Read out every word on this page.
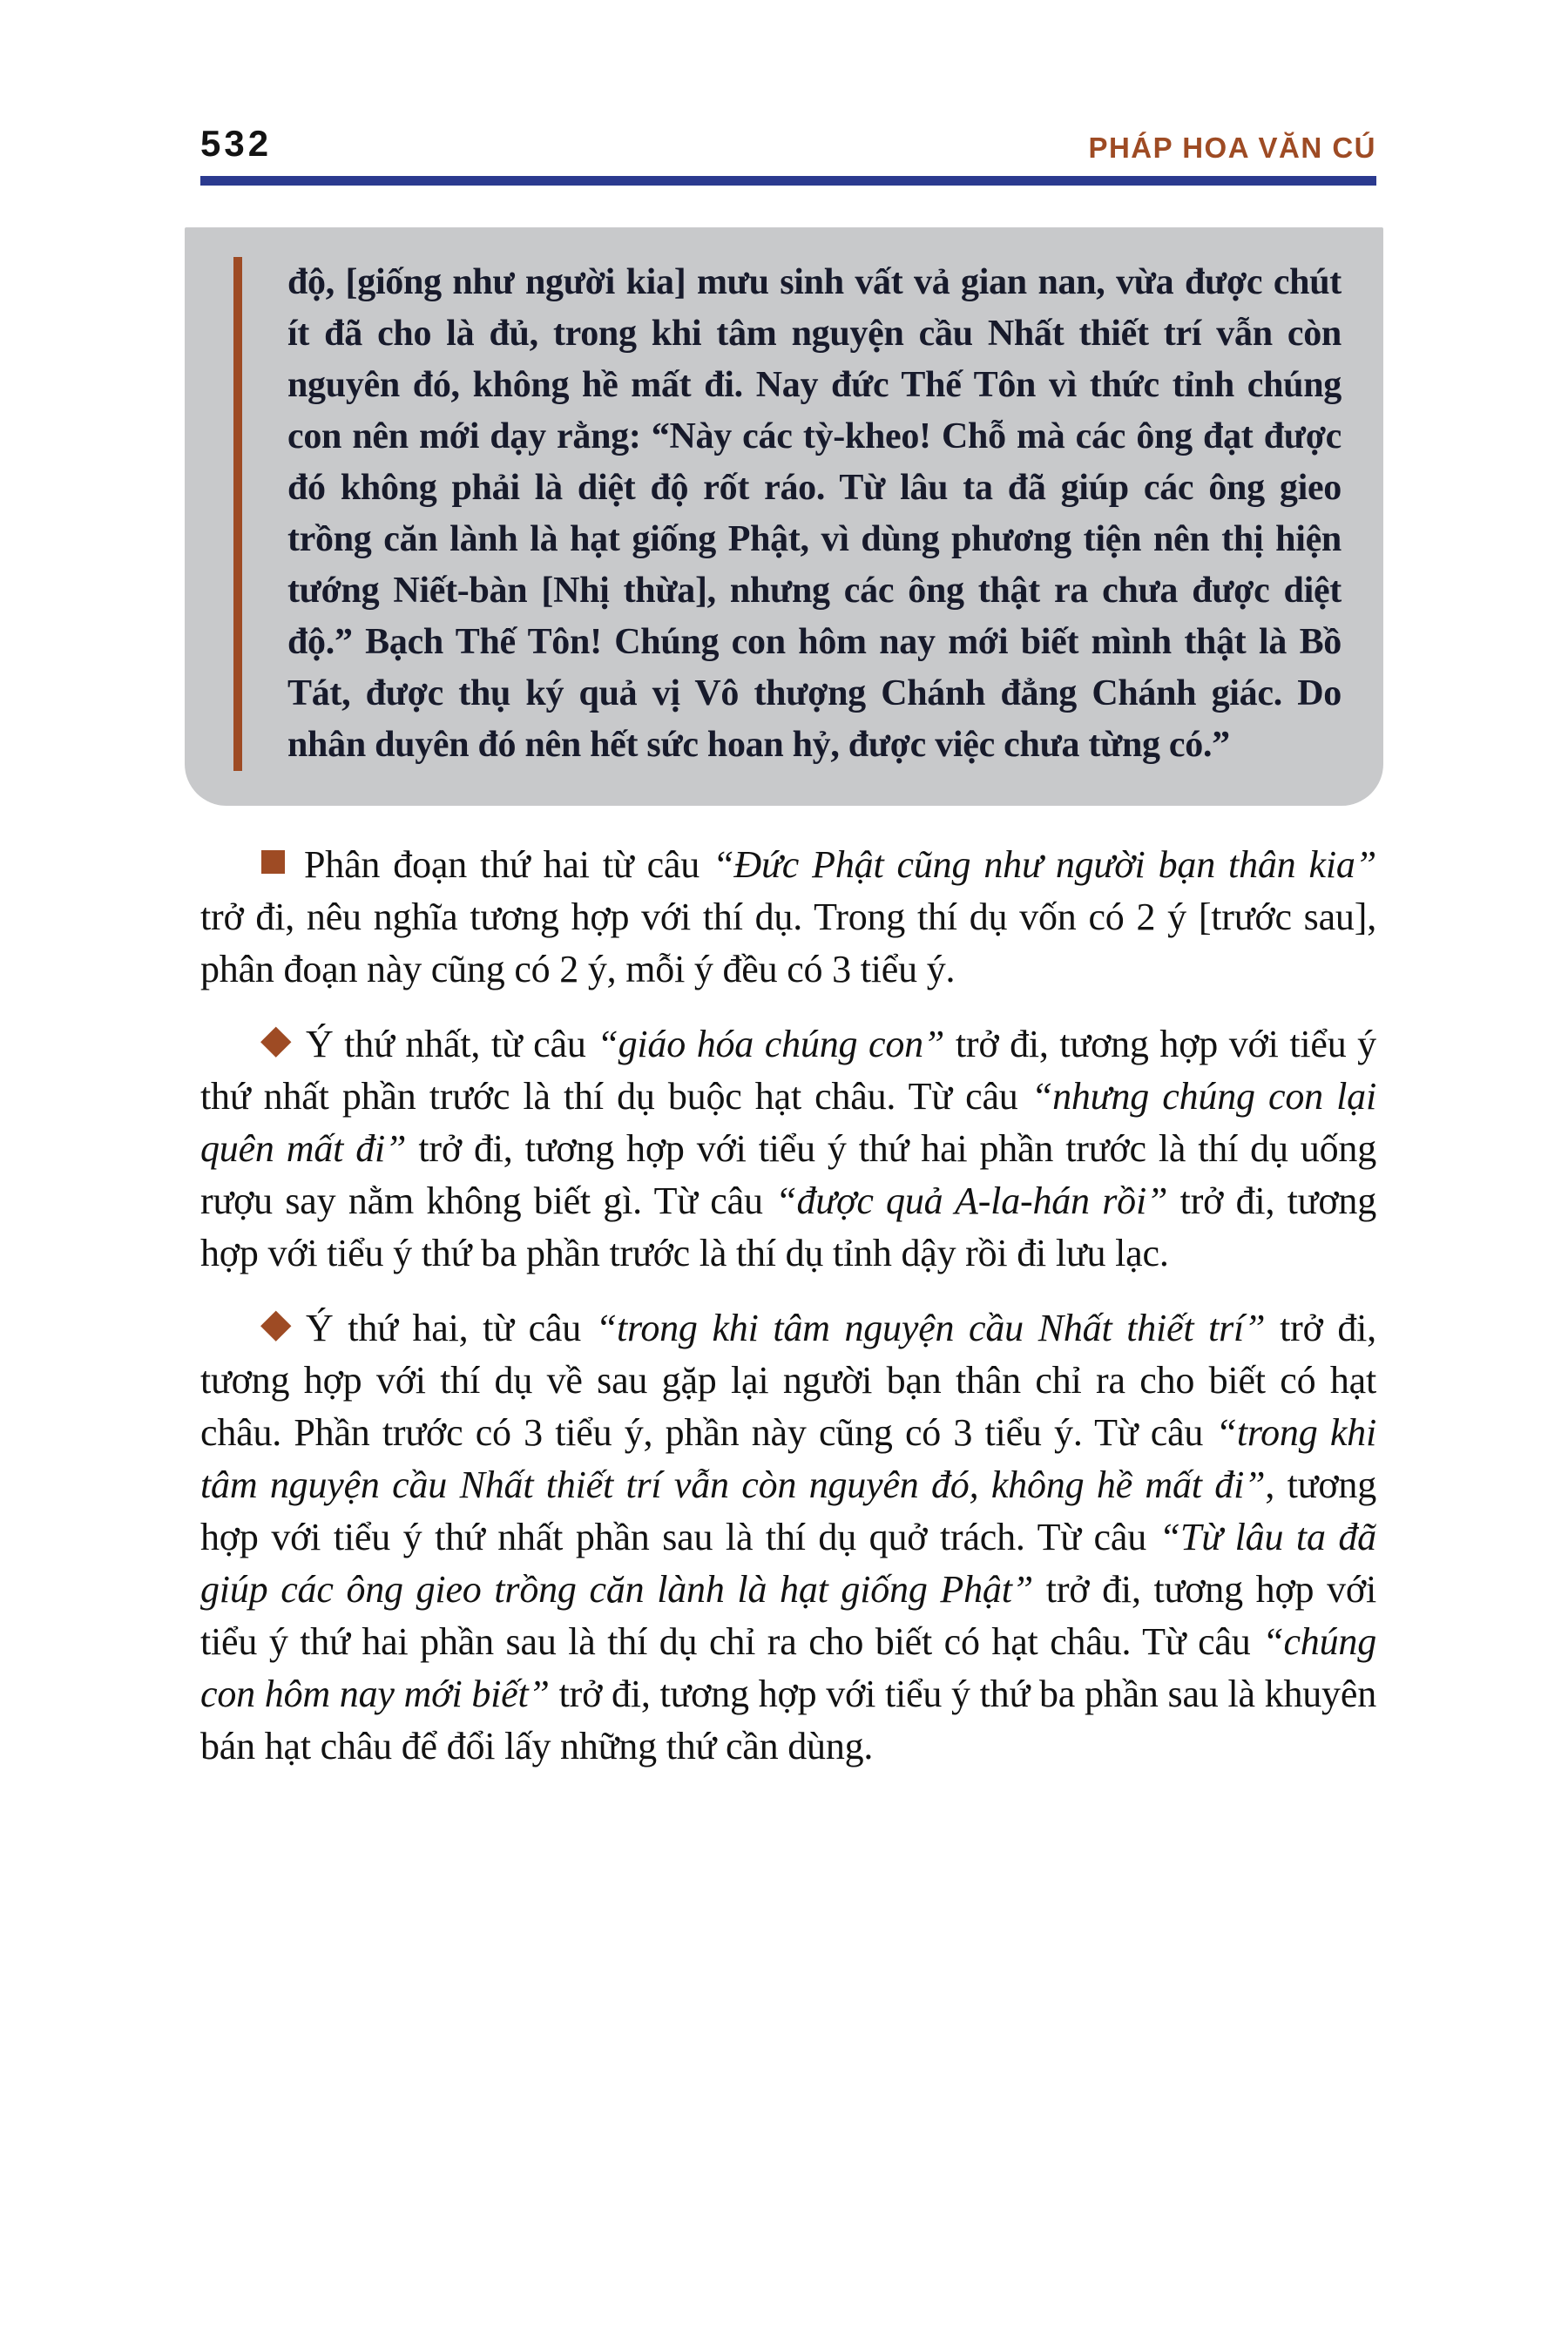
532	PHÁP HOA VĂN CÚ
độ, [giống như người kia] mưu sinh vất vả gian nan, vừa được chút ít đã cho là đủ, trong khi tâm nguyện cầu Nhất thiết trí vẫn còn nguyên đó, không hề mất đi. Nay đức Thế Tôn vì thức tỉnh chúng con nên mới dạy rằng: “Này các tỳ-kheo! Chỗ mà các ông đạt được đó không phải là diệt độ rốt ráo. Từ lâu ta đã giúp các ông gieo trồng căn lành là hạt giống Phật, vì dùng phương tiện nên thị hiện tướng Niết-bàn [Nhị thừa], nhưng các ông thật ra chưa được diệt độ.” Bạch Thế Tôn! Chúng con hôm nay mới biết mình thật là Bồ Tát, được thụ ký quả vị Vô thượng Chánh đẳng Chánh giác. Do nhân duyên đó nên hết sức hoan hỷ, được việc chưa từng có.”

Phân đoạn thứ hai từ câu “Đức Phật cũng như người bạn thân kia” trở đi, nêu nghĩa tương hợp với thí dụ. Trong thí dụ vốn có 2 ý [trước sau], phân đoạn này cũng có 2 ý, mỗi ý đều có 3 tiểu ý.

Ý thứ nhất, từ câu “giáo hóa chúng con” trở đi, tương hợp với tiểu ý thứ nhất phần trước là thí dụ buộc hạt châu. Từ câu “nhưng chúng con lại quên mất đi” trở đi, tương hợp với tiểu ý thứ hai phần trước là thí dụ uống rượu say nằm không biết gì. Từ câu “được quả A-la-hán rồi” trở đi, tương hợp với tiểu ý thứ ba phần trước là thí dụ tỉnh dậy rồi đi lưu lạc.

Ý thứ hai, từ câu “trong khi tâm nguyện cầu Nhất thiết trí” trở đi, tương hợp với thí dụ về sau gặp lại người bạn thân chỉ ra cho biết có hạt châu. Phần trước có 3 tiểu ý, phần này cũng có 3 tiểu ý. Từ câu “trong khi tâm nguyện cầu Nhất thiết trí vẫn còn nguyên đó, không hề mất đi”, tương hợp với tiểu ý thứ nhất phần sau là thí dụ quở trách. Từ câu “Từ lâu ta đã giúp các ông gieo trồng căn lành là hạt giống Phật” trở đi, tương hợp với tiểu ý thứ hai phần sau là thí dụ chỉ ra cho biết có hạt châu. Từ câu “chúng con hôm nay mới biết” trở đi, tương hợp với tiểu ý thứ ba phần sau là khuyên bán hạt châu để đổi lấy những thứ cần dùng.
